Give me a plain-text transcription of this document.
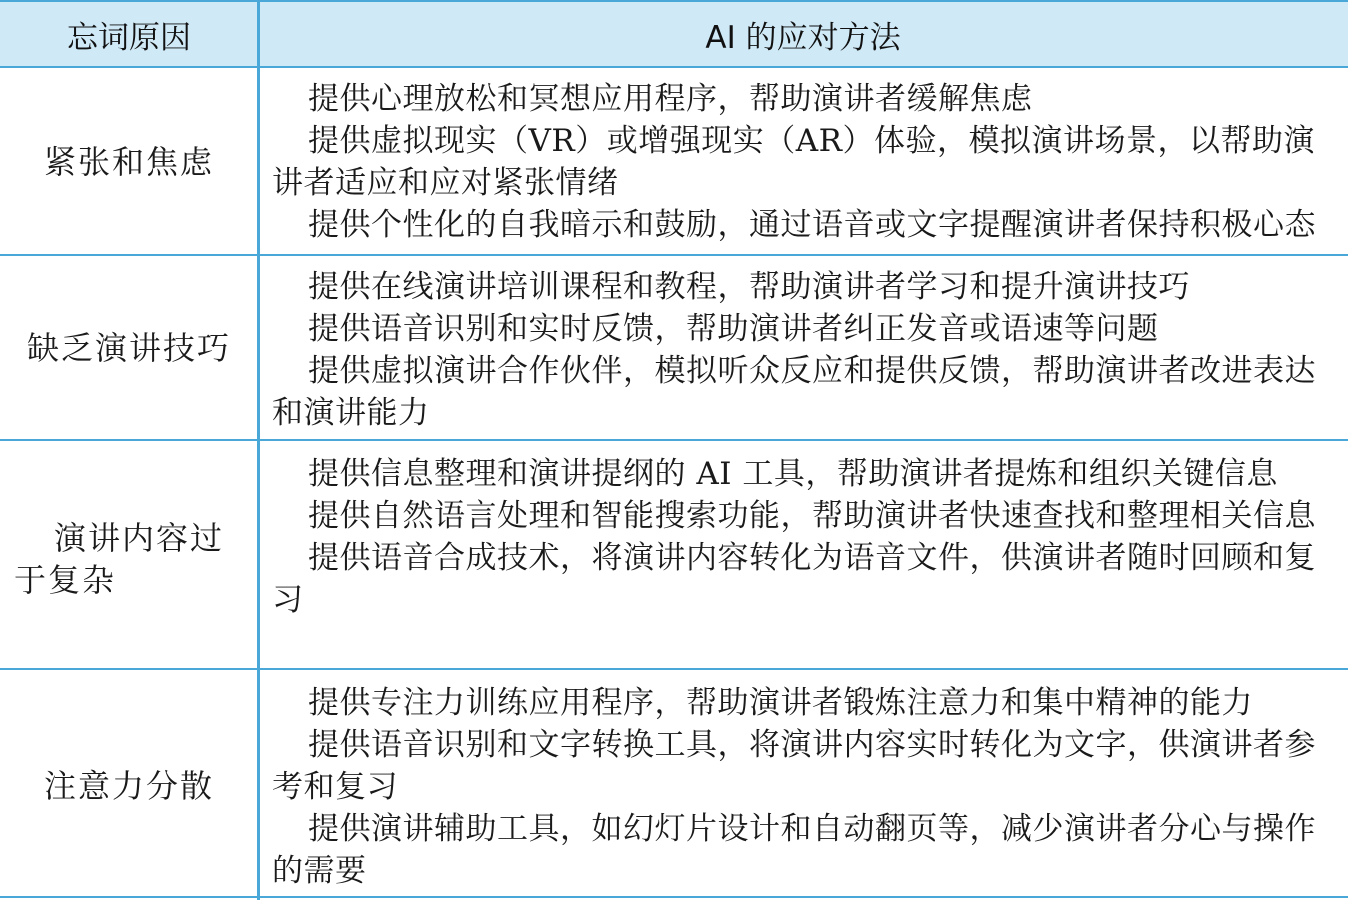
忘词原因	AI 的应对方法
紧张和焦虑

提供心理放松和冥想应用程序，帮助演讲者缓解焦虑

提供虚拟现实（VR）或增强现实（AR）体验，模拟演讲场景，以帮助演讲者适应和应对紧张情绪

提供个性化的自我暗示和鼓励，通过语音或文字提醒演讲者保持积极心态

缺乏演讲技巧

提供在线演讲培训课程和教程，帮助演讲者学习和提升演讲技巧

提供语音识别和实时反馈，帮助演讲者纠正发音或语速等问题

提供虚拟演讲合作伙伴，模拟听众反应和提供反馈，帮助演讲者改进表达和演讲能力

演讲内容过
于复杂

提供信息整理和演讲提纲的 AI 工具，帮助演讲者提炼和组织关键信息

提供自然语言处理和智能搜索功能，帮助演讲者快速查找和整理相关信息

提供语音合成技术，将演讲内容转化为语音文件，供演讲者随时回顾和复习

注意力分散

提供专注力训练应用程序，帮助演讲者锻炼注意力和集中精神的能力

提供语音识别和文字转换工具，将演讲内容实时转化为文字，供演讲者参考和复习

提供演讲辅助工具，如幻灯片设计和自动翻页等，减少演讲者分心与操作的需要
